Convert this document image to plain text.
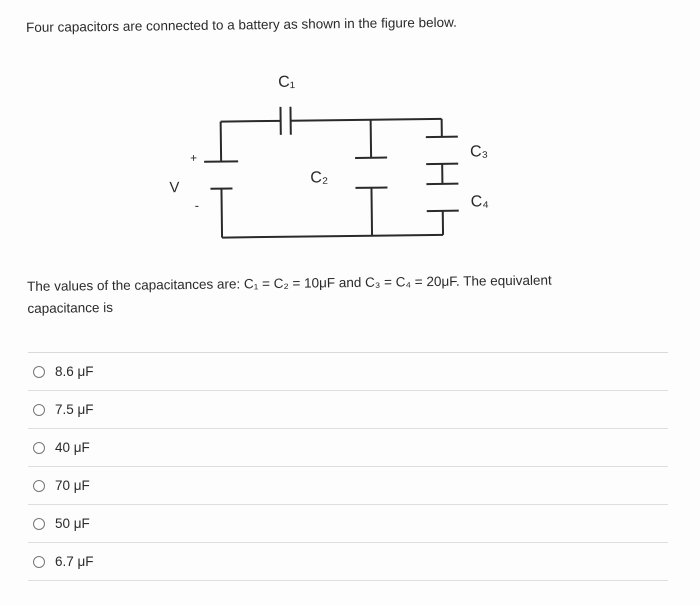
Four capacitors are connected to a battery as shown in the figure below.
C₁
C₂
C₃
C₄
V
+
-
The values of the capacitances are: C₁ = C₂ = 10μF and C₃ = C₄ = 20μF. The equivalent
capacitance is
8.6 μF
7.5 μF
40 μF
70 μF
50 μF
6.7 μF
